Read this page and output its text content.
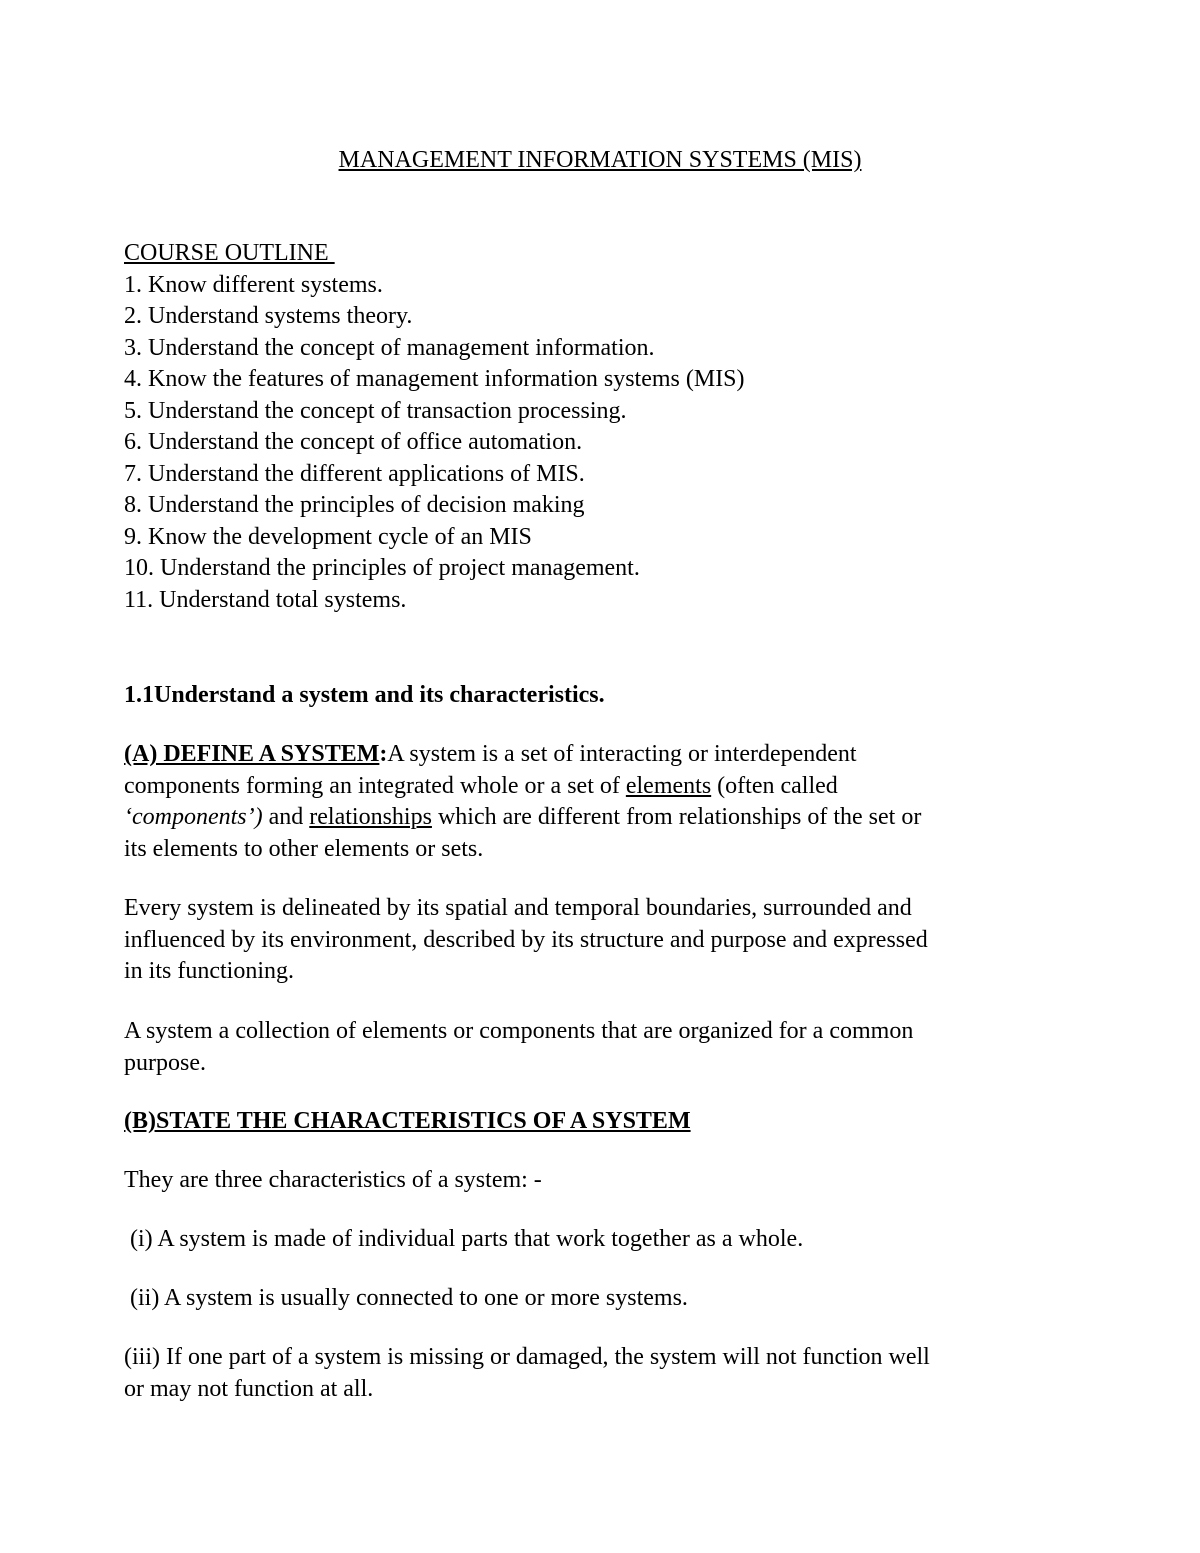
MANAGEMENT INFORMATION SYSTEMS (MIS)
COURSE OUTLINE
1. Know different systems.
2. Understand systems theory.
3. Understand the concept of management information.
4. Know the features of management information systems (MIS)
5. Understand the concept of transaction processing.
6. Understand the concept of office automation.
7. Understand the different applications of MIS.
8. Understand the principles of decision making
9. Know the development cycle of an MIS
10. Understand the principles of project management.
11. Understand total systems.
1.1Understand a system and its characteristics.
(A) DEFINE A SYSTEM:A system is a set of interacting or interdependent
components forming an integrated whole or a set of elements (often called
‘components’) and relationships which are different from relationships of the set or
its elements to other elements or sets.
Every system is delineated by its spatial and temporal boundaries, surrounded and
influenced by its environment, described by its structure and purpose and expressed
in its functioning.
A system a collection of elements or components that are organized for a common
purpose.
(B)STATE THE CHARACTERISTICS OF A SYSTEM
They are three characteristics of a system: -
(i) A system is made of individual parts that work together as a whole.
(ii) A system is usually connected to one or more systems.
(iii) If one part of a system is missing or damaged, the system will not function well
or may not function at all.
